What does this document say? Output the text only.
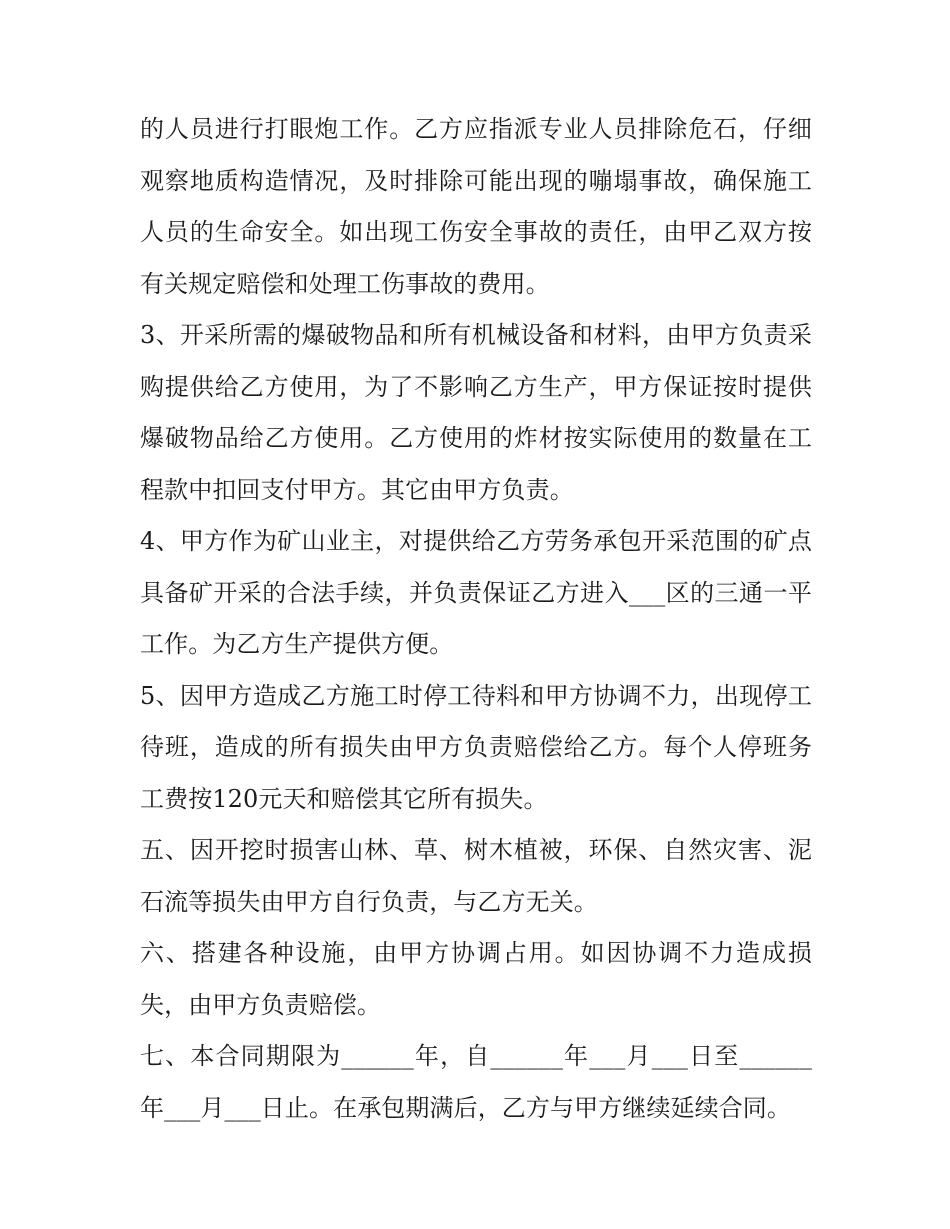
的人员进行打眼炮工作。乙方应指派专业人员排除危石，仔细观察地质构造情况，及时排除可能出现的嘣塌事故，确保施工人员的生命安全。如出现工伤安全事故的责任，由甲乙双方按有关规定赔偿和处理工伤事故的费用。

3、开采所需的爆破物品和所有机械设备和材料，由甲方负责采购提供给乙方使用，为了不影响乙方生产，甲方保证按时提供爆破物品给乙方使用。乙方使用的炸材按实际使用的数量在工程款中扣回支付甲方。其它由甲方负责。

4、甲方作为矿山业主，对提供给乙方劳务承包开采范围的矿点具备矿开采的合法手续，并负责保证乙方进入___区的三通一平工作。为乙方生产提供方便。

5、因甲方造成乙方施工时停工待料和甲方协调不力，出现停工待班，造成的所有损失由甲方负责赔偿给乙方。每个人停班务工费按120元天和赔偿其它所有损失。

五、因开挖时损害山林、草、树木植被，环保、自然灾害、泥石流等损失由甲方自行负责，与乙方无关。

六、搭建各种设施，由甲方协调占用。如因协调不力造成损失，由甲方负责赔偿。

七、本合同期限为______年，自______年___月___日至______年___月___日止。在承包期满后，乙方与甲方继续延续合同。
